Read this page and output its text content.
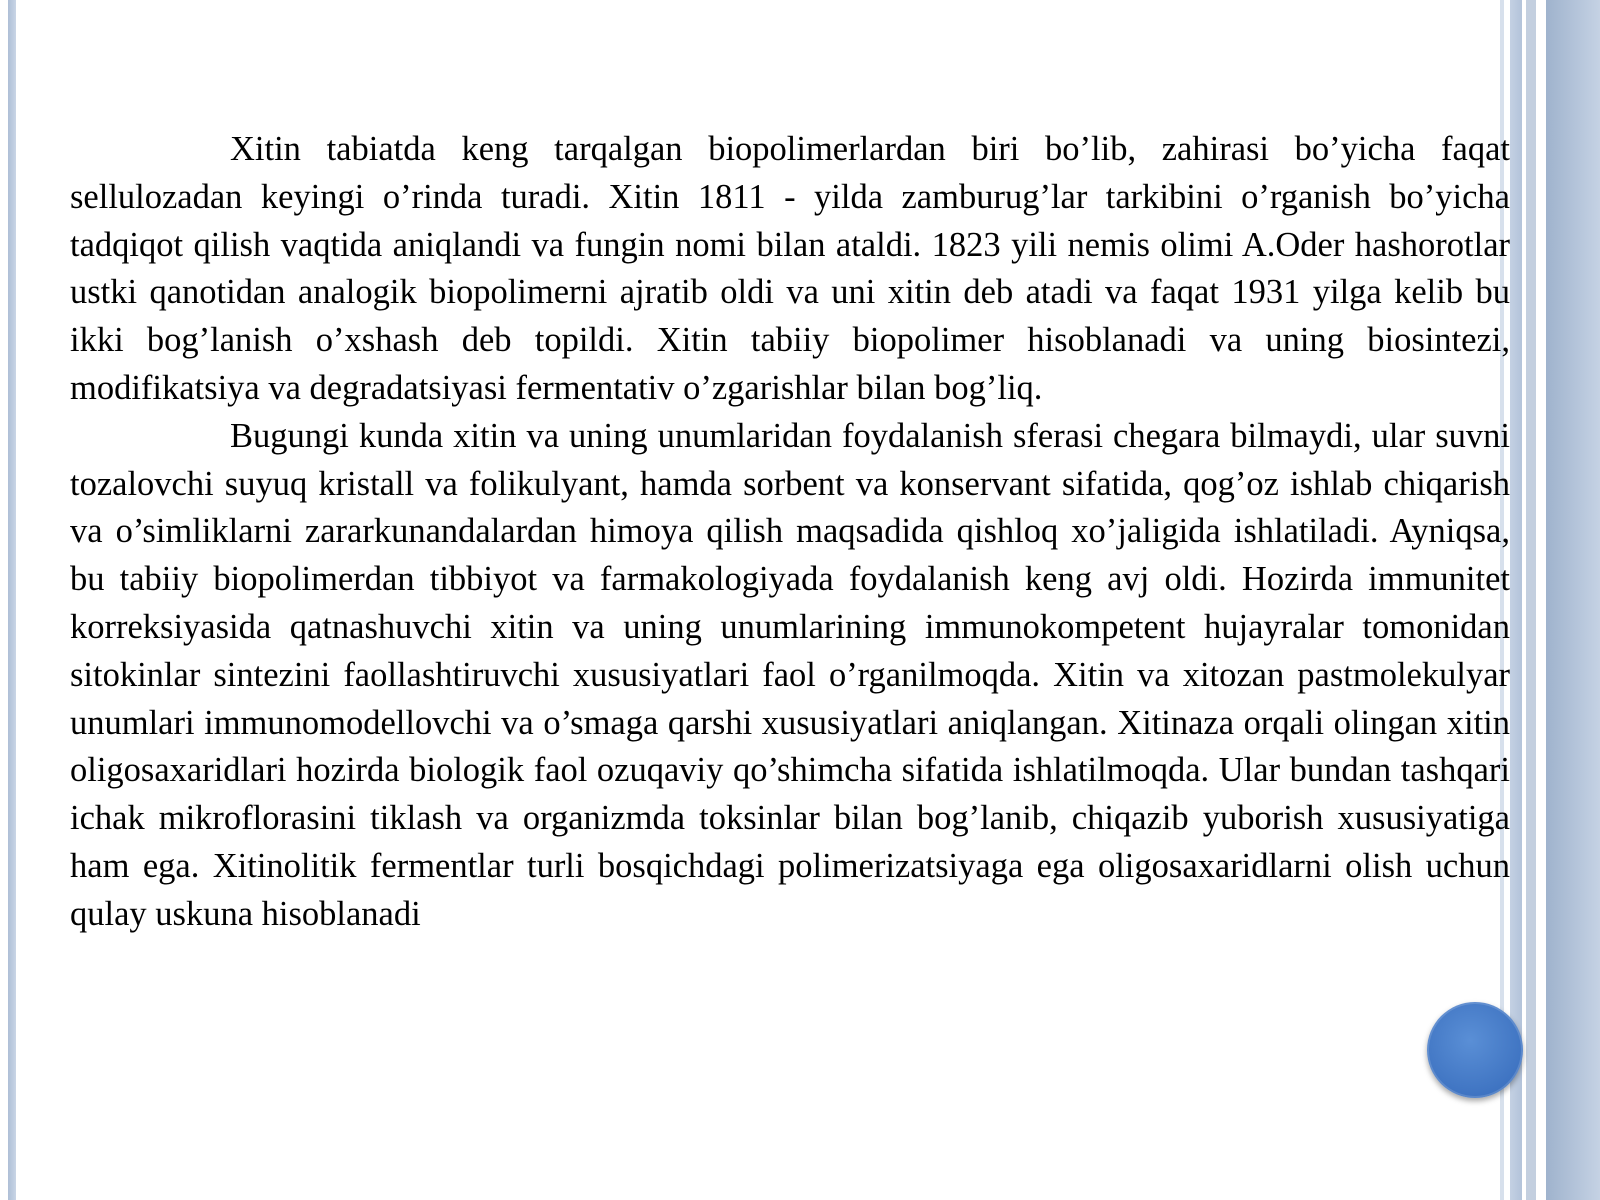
Xitin tabiatda keng tarqalgan biopolimerlardan biri bo’lib, zahirasi bo’yicha faqat sellulozadan keyingi o’rinda turadi. Xitin 1811 - yilda zamburug’lar tarkibini o’rganish bo’yicha tadqiqot qilish vaqtida aniqlandi va fungin nomi bilan ataldi. 1823 yili nemis olimi A.Oder hashorotlar ustki qanotidan analogik biopolimerni ajratib oldi va uni xitin deb atadi va faqat 1931 yilga kelib bu ikki bog’lanish o’xshash deb topildi. Xitin tabiiy biopolimer hisoblanadi va uning biosintezi, modifikatsiya va degradatsiyasi fermentativ o’zgarishlar bilan bog’liq.

Bugungi kunda xitin va uning unumlaridan foydalanish sferasi chegara bilmaydi, ular suvni tozalovchi suyuq kristall va folikulyant, hamda sorbent va konservant sifatida, qog’oz ishlab chiqarish va o’simliklarni zararkunandalardan himoya qilish maqsadida qishloq xo’jaligida ishlatiladi. Ayniqsa, bu tabiiy biopolimerdan tibbiyot va farmakologiyada foydalanish keng avj oldi. Hozirda immunitet korreksiyasida qatnashuvchi xitin va uning unumlarining immunokompetent hujayralar tomonidan sitokinlar sintezini faollashtiruvchi xususiyatlari faol o’rganilmoqda. Xitin va xitozan pastmolekulyar unumlari immunomodellovchi va o’smaga qarshi xususiyatlari aniqlangan. Xitinaza orqali olingan xitin oligosaxaridlari hozirda biologik faol ozuqaviy qo’shimcha sifatida ishlatilmoqda. Ular bundan tashqari ichak mikroflorasini tiklash va organizmda toksinlar bilan bog’lanib, chiqazib yuborish xususiyatiga ham ega. Xitinolitik fermentlar turli bosqichdagi polimerizatsiyaga ega oligosaxaridlarni olish uchun qulay uskuna hisoblanadi
